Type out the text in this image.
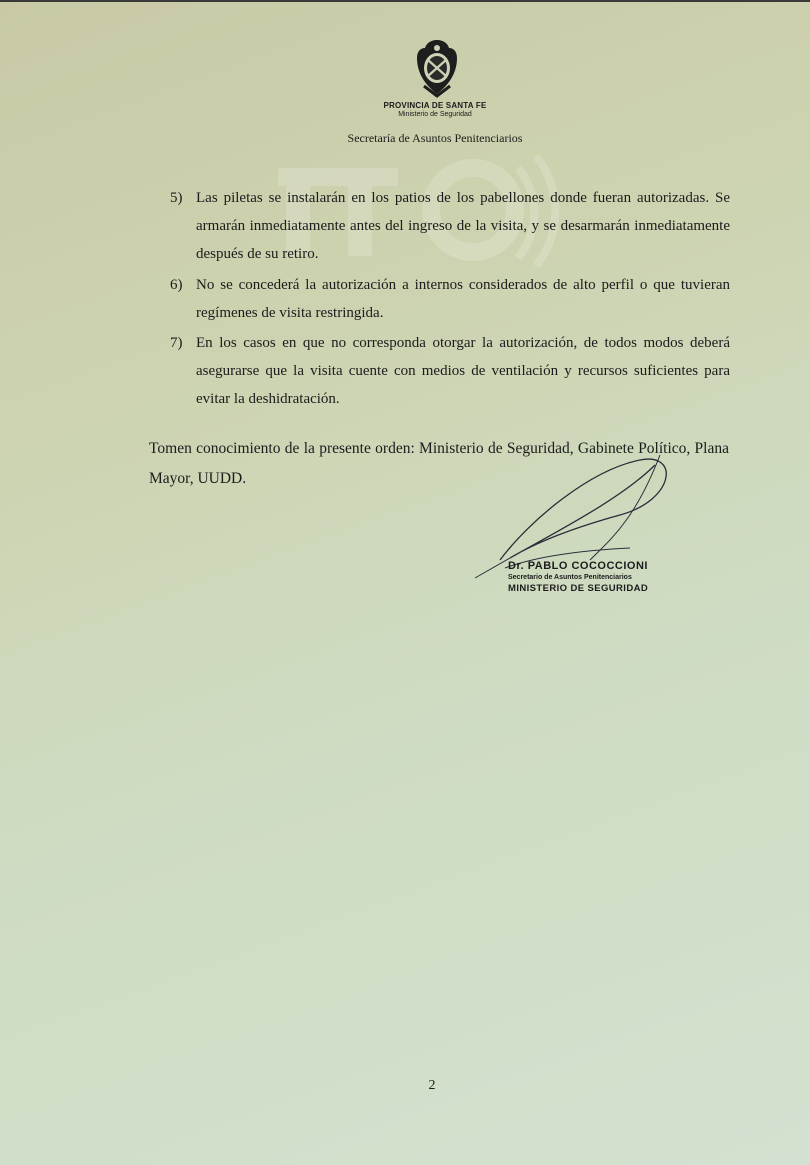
PROVINCIA DE SANTA FE
Ministerio de Seguridad
Secretaría de Asuntos Penitenciarios
5) Las piletas se instalarán en los patios de los pabellones donde fueran autorizadas. Se armarán inmediatamente antes del ingreso de la visita, y se desarmarán inmediatamente después de su retiro.
6) No se concederá la autorización a internos considerados de alto perfil o que tuvieran regímenes de visita restringida.
7) En los casos en que no corresponda otorgar la autorización, de todos modos deberá asegurarse que la visita cuente con medios de ventilación y recursos suficientes para evitar la deshidratación.
Tomen conocimiento de la presente orden: Ministerio de Seguridad, Gabinete Político, Plana Mayor, UUDD.
Dr. PABLO COCOCCIONI
Secretario de Asuntos Penitenciarios
MINISTERIO DE SEGURIDAD
2
